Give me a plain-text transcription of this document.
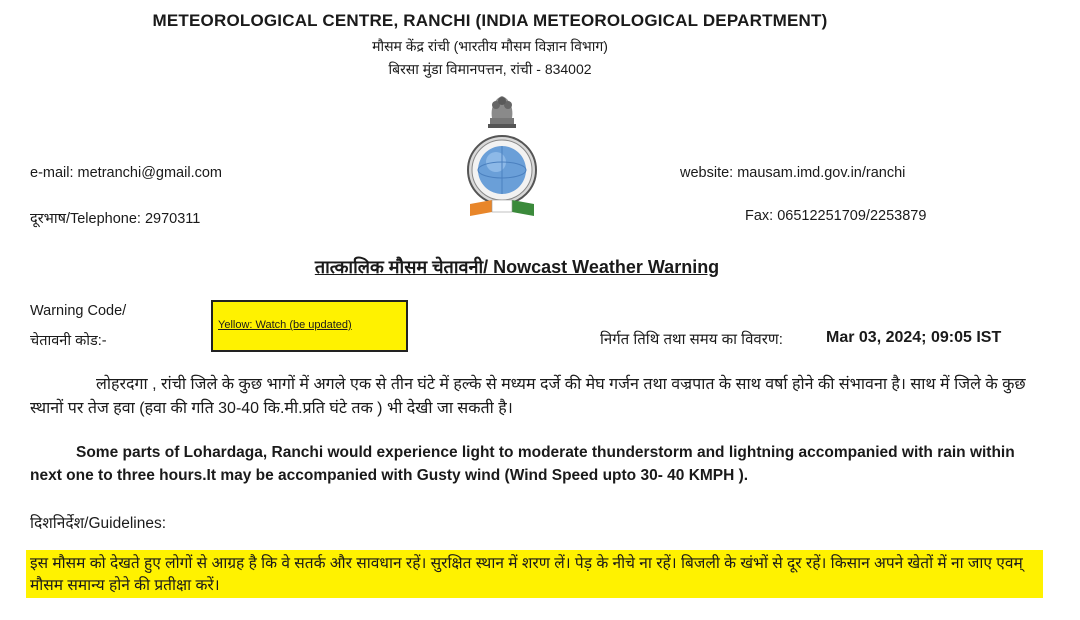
METEOROLOGICAL CENTRE, RANCHI (INDIA METEOROLOGICAL DEPARTMENT)
मौसम केंद्र रांची (भारतीय मौसम विज्ञान विभाग)
बिरसा मुंडा विमानपत्तन, रांची - 834002
e-mail: metranchi@gmail.com
दूरभाष/Telephone: 2970311
website: mausam.imd.gov.in/ranchi
Fax: 06512251709/2253879
तात्कालिक मौसम चेतावनी/ Nowcast Weather Warning
Warning Code/
चेतावनी कोड:-
Yellow: Watch (be updated)
निर्गत तिथि तथा समय का विवरण:	Mar 03, 2024; 09:05 IST
लोहरदगा , रांची जिले के कुछ भागों में अगले एक से तीन घंटे में हल्के से मध्यम दर्जे की मेघ गर्जन तथा वज्रपात के साथ वर्षा होने की संभावना है। साथ में जिले के कुछ स्थानों पर तेज हवा (हवा की गति 30-40 कि.मी.प्रति घंटे तक ) भी देखी जा सकती है।
Some parts of Lohardaga, Ranchi would experience light to moderate thunderstorm and lightning accompanied with rain within next one to three hours.It may be accompanied with Gusty wind (Wind Speed upto 30- 40 KMPH ).
दिशनिर्देश/Guidelines:
इस मौसम को देखते हुए लोगों से आग्रह है कि वे सतर्क और सावधान रहें। सुरक्षित स्थान में शरण लें। पेड़ के नीचे ना रहें। बिजली के खंभों से दूर रहें। किसान अपने खेतों में ना जाए एवम् मौसम समान्य होने की प्रतीक्षा करें।
